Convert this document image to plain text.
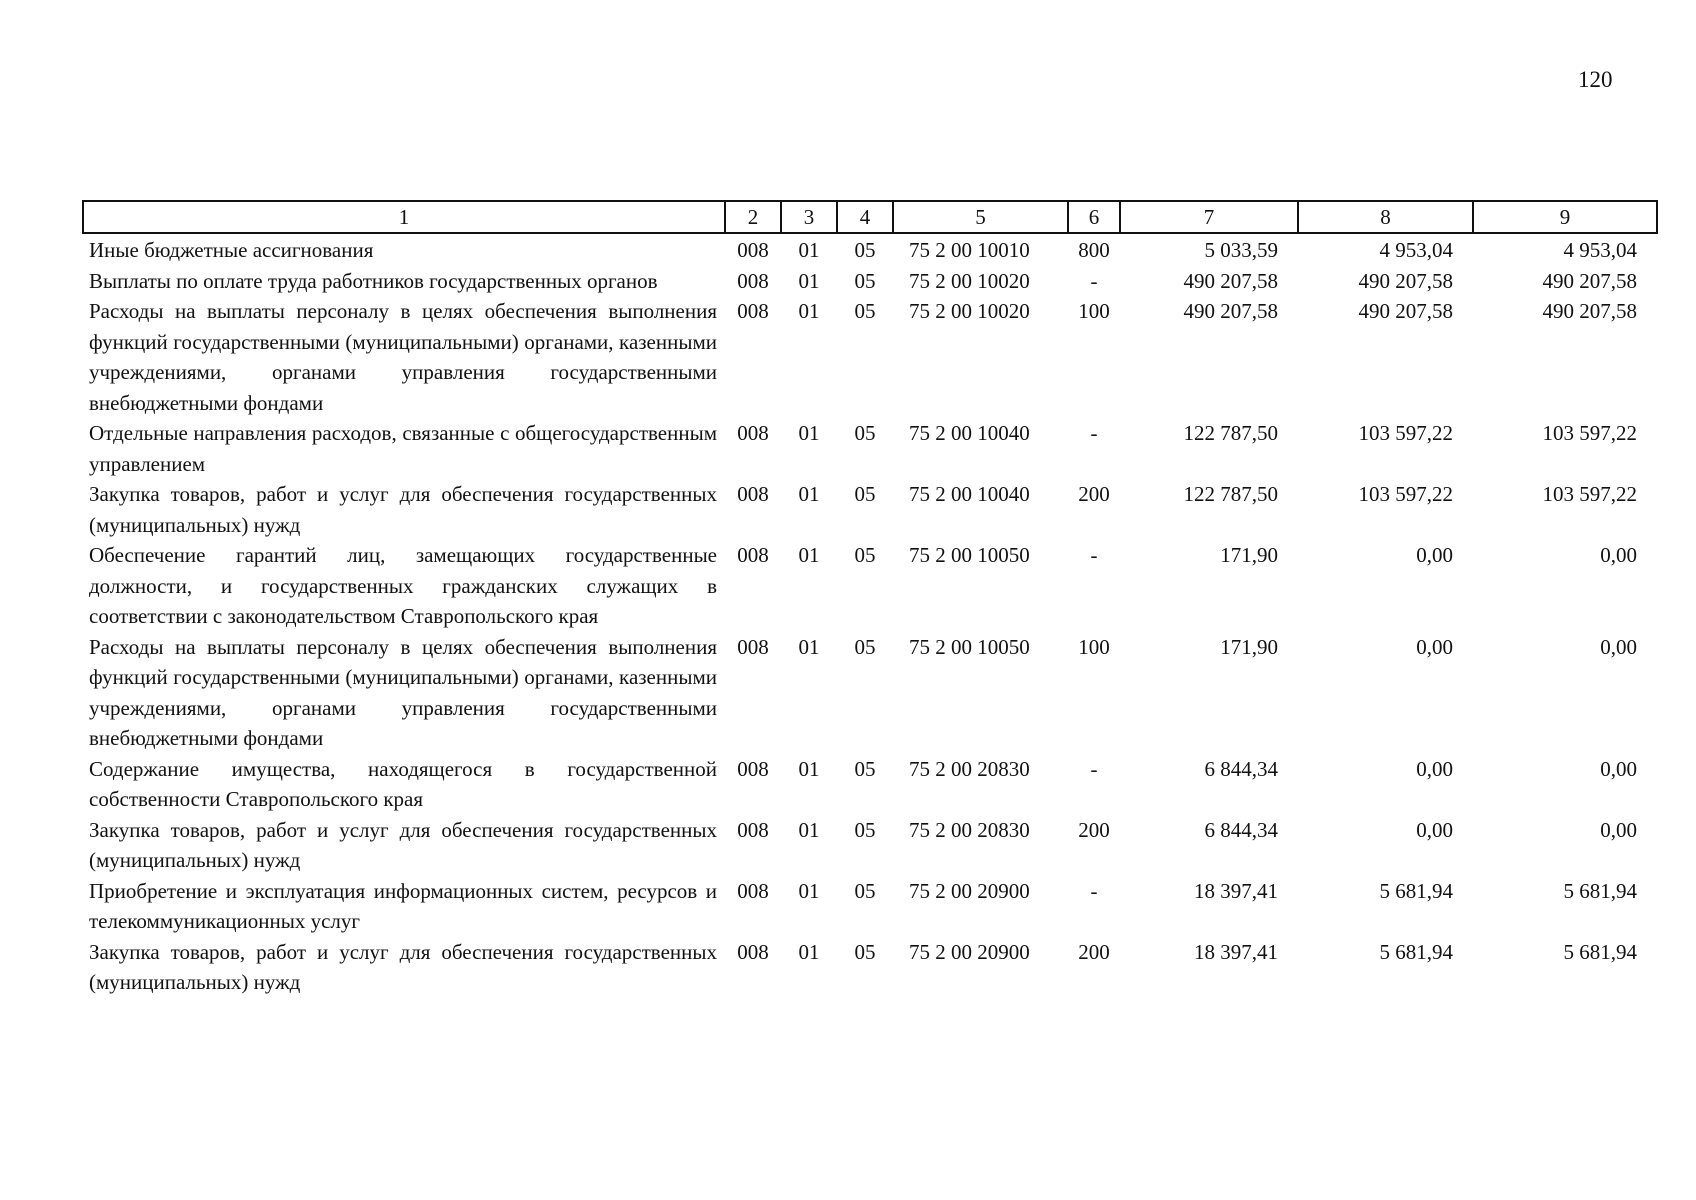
120
1	2	3	4	5	6	7	8	9
Иные бюджетные ассигнования	008	01	05	75 2 00 10010	800	5 033,59	4 953,04	4 953,04
Выплаты по оплате труда работников государственных органов	008	01	05	75 2 00 10020	-	490 207,58	490 207,58	490 207,58
Расходы на выплаты персоналу в целях обеспечения выполнения функций государственными (муниципальными) органами, казенными учреждениями, органами управления государственными внебюджетными фондами	008	01	05	75 2 00 10020	100	490 207,58	490 207,58	490 207,58
Отдельные направления расходов, связанные с общегосударственным управлением	008	01	05	75 2 00 10040	-	122 787,50	103 597,22	103 597,22
Закупка товаров, работ и услуг для обеспечения государственных (муниципальных) нужд	008	01	05	75 2 00 10040	200	122 787,50	103 597,22	103 597,22
Обеспечение гарантий лиц, замещающих государственные должности, и государственных гражданских служащих в соответствии с законодательством Ставропольского края	008	01	05	75 2 00 10050	-	171,90	0,00	0,00
Расходы на выплаты персоналу в целях обеспечения выполнения функций государственными (муниципальными) органами, казенными учреждениями, органами управления государственными внебюджетными фондами	008	01	05	75 2 00 10050	100	171,90	0,00	0,00
Содержание имущества, находящегося в государственной собственности Ставропольского края	008	01	05	75 2 00 20830	-	6 844,34	0,00	0,00
Закупка товаров, работ и услуг для обеспечения государственных (муниципальных) нужд	008	01	05	75 2 00 20830	200	6 844,34	0,00	0,00
Приобретение и эксплуатация информационных систем, ресурсов и телекоммуникационных услуг	008	01	05	75 2 00 20900	-	18 397,41	5 681,94	5 681,94
Закупка товаров, работ и услуг для обеспечения государственных (муниципальных) нужд	008	01	05	75 2 00 20900	200	18 397,41	5 681,94	5 681,94
